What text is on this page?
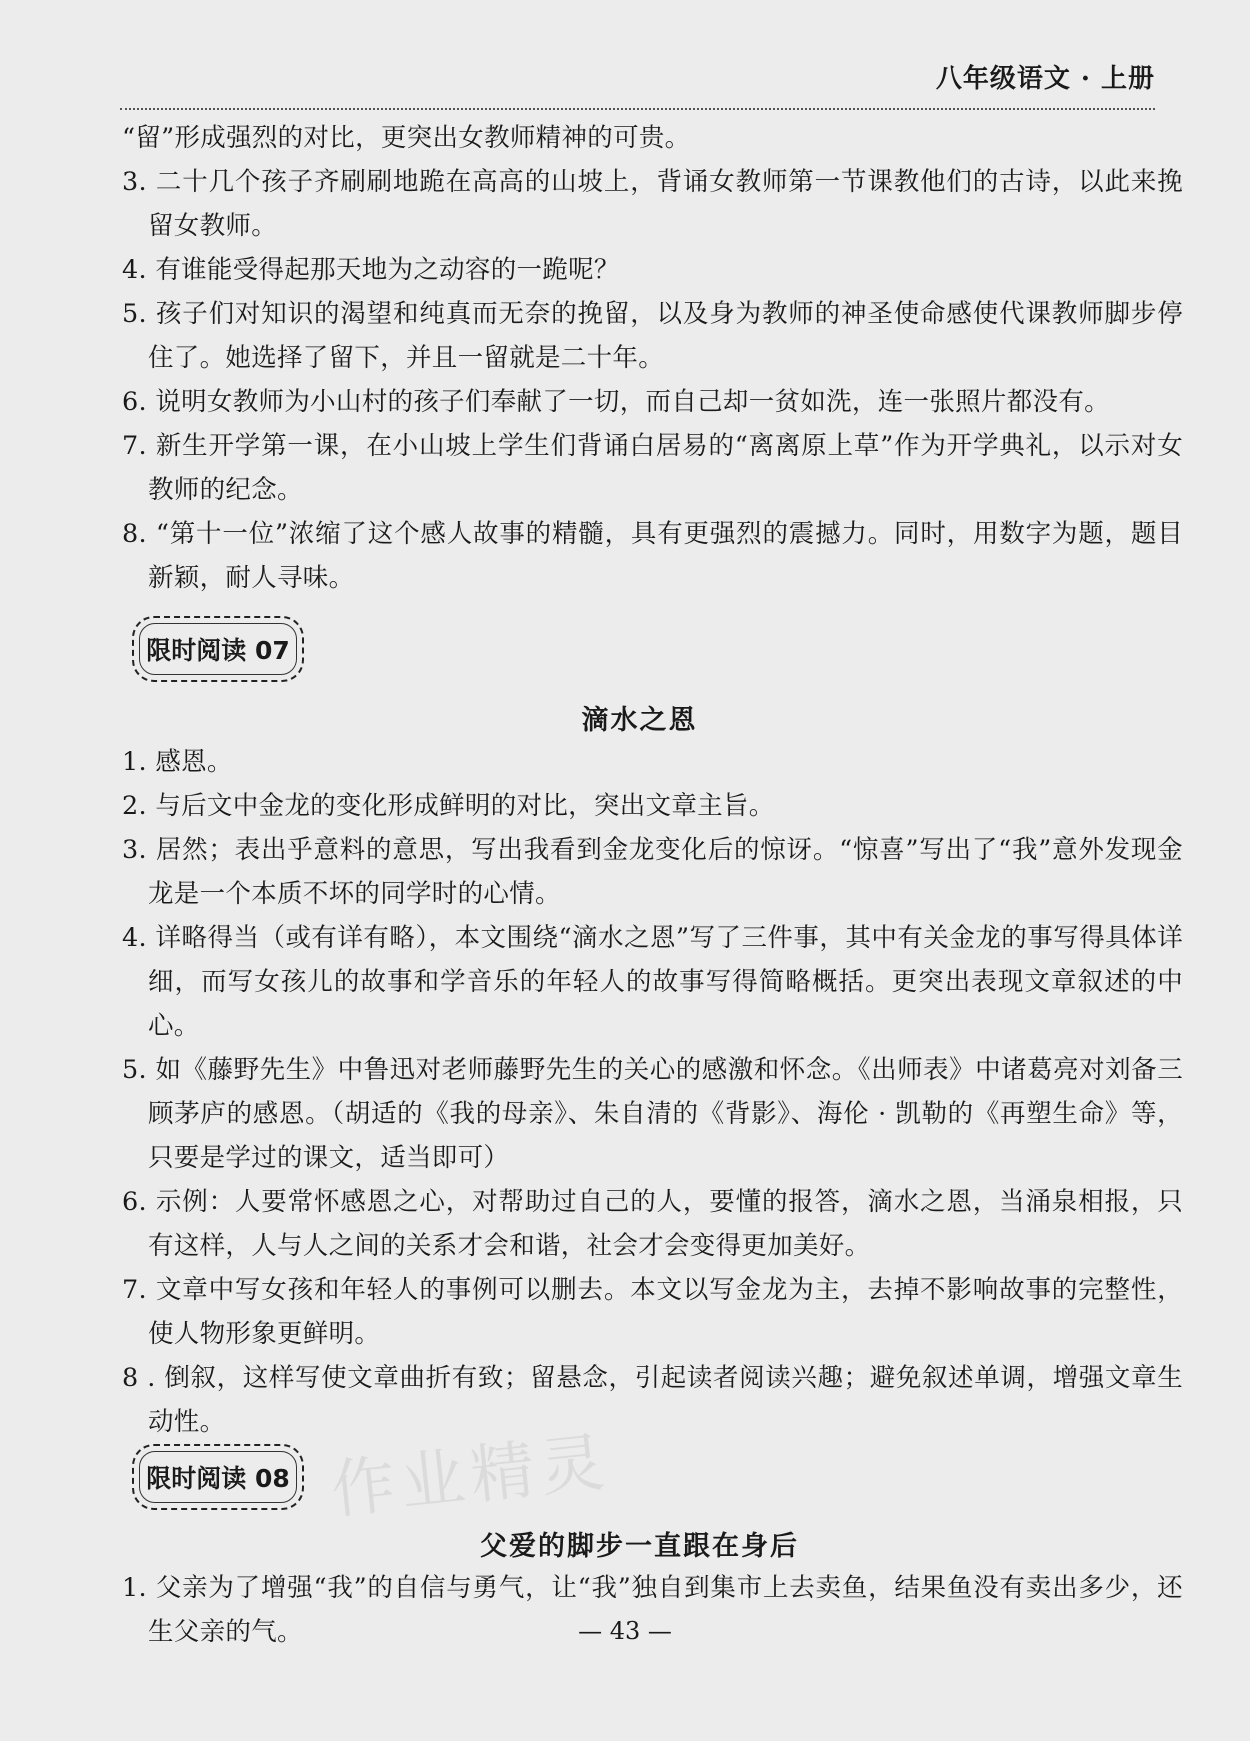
八年级语文 · 上册
“留”形成强烈的对比，更突出女教师精神的可贵。
3. 二十几个孩子齐刷刷地跪在高高的山坡上，背诵女教师第一节课教他们的古诗，以此来挽留女教师。
4. 有谁能受得起那天地为之动容的一跪呢？
5. 孩子们对知识的渴望和纯真而无奈的挽留，以及身为教师的神圣使命感使代课教师脚步停住了。她选择了留下，并且一留就是二十年。
6. 说明女教师为小山村的孩子们奉献了一切，而自己却一贫如洗，连一张照片都没有。
7. 新生开学第一课，在小山坡上学生们背诵白居易的“离离原上草”作为开学典礼，以示对女教师的纪念。
8. “第十一位”浓缩了这个感人故事的精髓，具有更强烈的震撼力。同时，用数字为题，题目新颖，耐人寻味。
限时阅读 07
滴水之恩
1. 感恩。
2. 与后文中金龙的变化形成鲜明的对比，突出文章主旨。
3. 居然；表出乎意料的意思，写出我看到金龙变化后的惊讶。“惊喜”写出了“我”意外发现金龙是一个本质不坏的同学时的心情。
4. 详略得当（或有详有略），本文围绕“滴水之恩”写了三件事，其中有关金龙的事写得具体详细，而写女孩儿的故事和学音乐的年轻人的故事写得简略概括。更突出表现文章叙述的中心。
5. 如《藤野先生》中鲁迅对老师藤野先生的关心的感激和怀念。《出师表》中诸葛亮对刘备三顾茅庐的感恩。（胡适的《我的母亲》、朱自清的《背影》、海伦 · 凯勒的《再塑生命》等，只要是学过的课文，适当即可）
6. 示例：人要常怀感恩之心，对帮助过自己的人，要懂的报答，滴水之恩，当涌泉相报，只有这样，人与人之间的关系才会和谐，社会才会变得更加美好。
7. 文章中写女孩和年轻人的事例可以删去。本文以写金龙为主，去掉不影响故事的完整性，使人物形象更鲜明。
8 . 倒叙，这样写使文章曲折有致；留悬念，引起读者阅读兴趣；避免叙述单调，增强文章生动性。
限时阅读 08
父爱的脚步一直跟在身后
1. 父亲为了增强“我”的自信与勇气，让“我”独自到集市上去卖鱼，结果鱼没有卖出多少，还生父亲的气。
作业精灵
— 43 —
